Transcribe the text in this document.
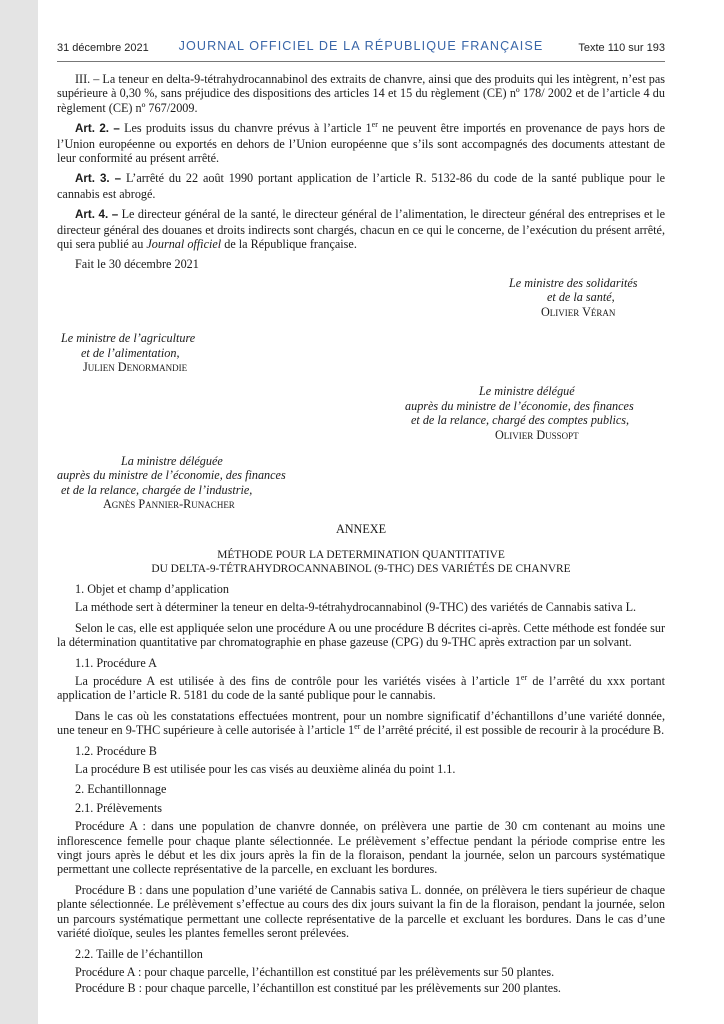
31 décembre 2021	JOURNAL OFFICIEL DE LA RÉPUBLIQUE FRANÇAISE	Texte 110 sur 193

III. – La teneur en delta-9-tétrahydrocannabinol des extraits de chanvre, ainsi que des produits qui les intègrent, n’est pas supérieure à 0,30 %, sans préjudice des dispositions des articles 14 et 15 du règlement (CE) nº 178/ 2002 et de l’article 4 du règlement (CE) nº 767/2009.

Art. 2. – Les produits issus du chanvre prévus à l’article 1er ne peuvent être importés en provenance de pays hors de l’Union européenne ou exportés en dehors de l’Union européenne que s’ils sont accompagnés des documents attestant de leur conformité au présent arrêté.

Art. 3. – L’arrêté du 22 août 1990 portant application de l’article R. 5132-86 du code de la santé publique pour le cannabis est abrogé.

Art. 4. – Le directeur général de la santé, le directeur général de l’alimentation, le directeur général des entreprises et le directeur général des douanes et droits indirects sont chargés, chacun en ce qui le concerne, de l’exécution du présent arrêté, qui sera publié au Journal officiel de la République française.

Fait le 30 décembre 2021

Le ministre des solidarités
et de la santé,
Olivier Véran
Le ministre de l’agriculture
et de l’alimentation,
Julien Denormandie
Le ministre délégué
auprès du ministre de l’économie, des finances
et de la relance, chargé des comptes publics,
Olivier Dussopt
La ministre déléguée
auprès du ministre de l’économie, des finances
et de la relance, chargée de l’industrie,
Agnès Pannier-Runacher
ANNEXE
MÉTHODE POUR LA DETERMINATION QUANTITATIVE
DU DELTA-9-TÉTRAHYDROCANNABINOL (9-THC) DES VARIÉTÉS DE CHANVRE

1. Objet et champ d’application

La méthode sert à déterminer la teneur en delta-9-tétrahydrocannabinol (9-THC) des variétés de Cannabis sativa L.

Selon le cas, elle est appliquée selon une procédure A ou une procédure B décrites ci-après. Cette méthode est fondée sur la détermination quantitative par chromatographie en phase gazeuse (CPG) du 9-THC après extraction par un solvant.

1.1. Procédure A

La procédure A est utilisée à des fins de contrôle pour les variétés visées à l’article 1er de l’arrêté du xxx portant application de l’article R. 5181 du code de la santé publique pour le cannabis.

Dans le cas où les constatations effectuées montrent, pour un nombre significatif d’échantillons d’une variété donnée, une teneur en 9-THC supérieure à celle autorisée à l’article 1er de l’arrêté précité, il est possible de recourir à la procédure B.

1.2. Procédure B

La procédure B est utilisée pour les cas visés au deuxième alinéa du point 1.1.

2. Echantillonnage

2.1. Prélèvements

Procédure A : dans une population de chanvre donnée, on prélèvera une partie de 30 cm contenant au moins une inflorescence femelle pour chaque plante sélectionnée. Le prélèvement s’effectue pendant la période comprise entre les vingt jours après le début et les dix jours après la fin de la floraison, pendant la journée, selon un parcours systématique permettant une collecte représentative de la parcelle, en excluant les bordures.

Procédure B : dans une population d’une variété de Cannabis sativa L. donnée, on prélèvera le tiers supérieur de chaque plante sélectionnée. Le prélèvement s’effectue au cours des dix jours suivant la fin de la floraison, pendant la journée, selon un parcours systématique permettant une collecte représentative de la parcelle et excluant les bordures. Dans le cas d’une variété dioïque, seules les plantes femelles seront prélevées.

2.2. Taille de l’échantillon

Procédure A : pour chaque parcelle, l’échantillon est constitué par les prélèvements sur 50 plantes.

Procédure B : pour chaque parcelle, l’échantillon est constitué par les prélèvements sur 200 plantes.
